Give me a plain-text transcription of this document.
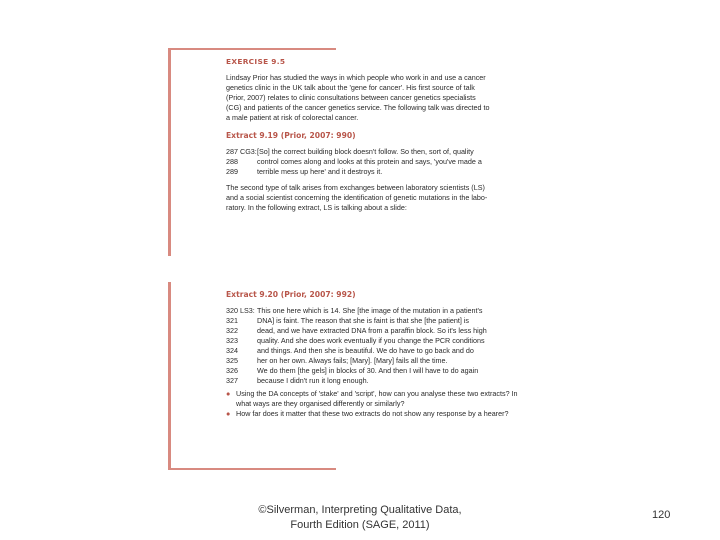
EXERCISE 9.5
Lindsay Prior has studied the ways in which people who work in and use a cancer
genetics clinic in the UK talk about the 'gene for cancer'. His first source of talk
(Prior, 2007) relates to clinic consultations between cancer genetics specialists
(CG) and patients of the cancer genetics service. The following talk was directed to
a male patient at risk of colorectal cancer.
Extract 9.19 (Prior, 2007: 990)
287 CG3: [So] the correct building block doesn't follow. So then, sort of, quality
288	control comes along and looks at this protein and says, 'you've made a
289	terrible mess up here' and it destroys it.
The second type of talk arises from exchanges between laboratory scientists (LS)
and a social scientist concerning the identification of genetic mutations in the labo-
ratory. In the following extract, LS is talking about a slide:
Extract 9.20 (Prior, 2007: 992)
320 LS3: This one here which is 14. She [the image of the mutation in a patient's
321	DNA] is faint. The reason that she is faint is that she [the patient] is
322	dead, and we have extracted DNA from a paraffin block. So it's less high
323	quality. And she does work eventually if you change the PCR conditions
324	and things. And then she is beautiful. We do have to go back and do
325	her on her own. Always fails; [Mary]. [Mary] fails all the time.
326	We do them [the gels] in blocks of 30. And then I will have to do again
327	because I didn't run it long enough.
● Using the DA concepts of 'stake' and 'script', how can you analyse these two extracts? In what ways are they organised differently or similarly?
● How far does it matter that these two extracts do not show any response by a hearer?
©Silverman, Interpreting Qualitative Data,
Fourth Edition (SAGE, 2011)
120
